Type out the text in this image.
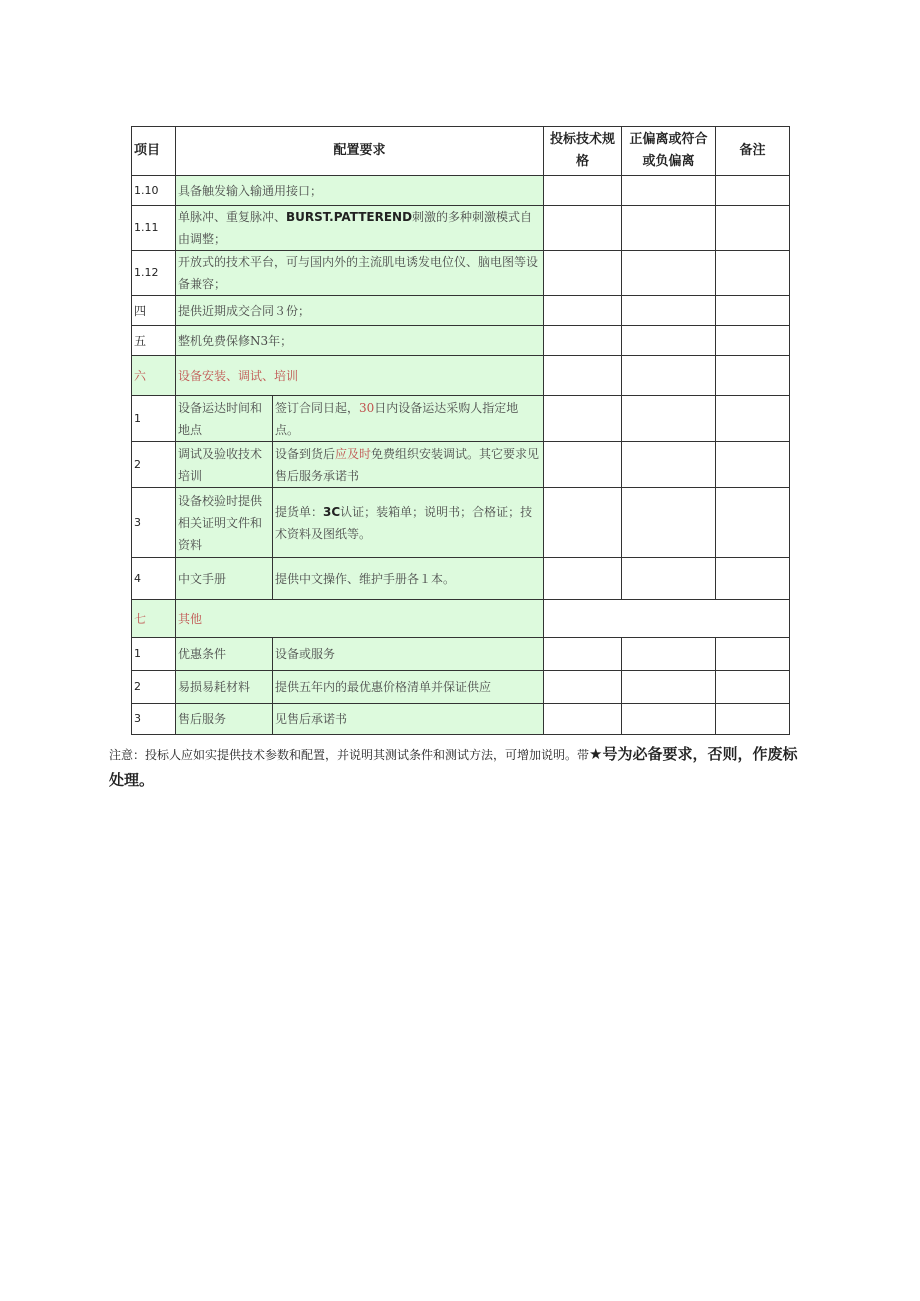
项目	配置要求		投标技术规格	正偏离或符合或负偏离	备注
1.10	具备触发输入输通用接口；				
1.11	单脉冲、重复脉冲、BURST.PATTEREND刺激的多种刺激模式自由调整；				
1.12	开放式的技术平台，可与国内外的主流肌电诱发电位仪、脑电图等设备兼容；				
四	提供近期成交合同３份；				
五	整机免费保修N3年；				
六	设备安装、调试、培训				
1	设备运达时间和地点	签订合同日起，30日内设备运达采购人指定地点。			
2	调试及验收技术培训	设备到货后应及时免费组织安装调试。其它要求见售后服务承诺书			
3	设备校验时提供相关证明文件和资料	提货单：3C认证；装箱单；说明书；合格证；技术资料及图纸等。			
4	中文手册	提供中文操作、维护手册各１本。			
七	其他				
1	优惠条件	设备或服务			
2	易损易耗材料	提供五年内的最优惠价格清单并保证供应			
3	售后服务	见售后承诺书			
注意：投标人应如实提供技术参数和配置，并说明其测试条件和测试方法，可增加说明。带★号为必备要求，否则，作废标处理。
